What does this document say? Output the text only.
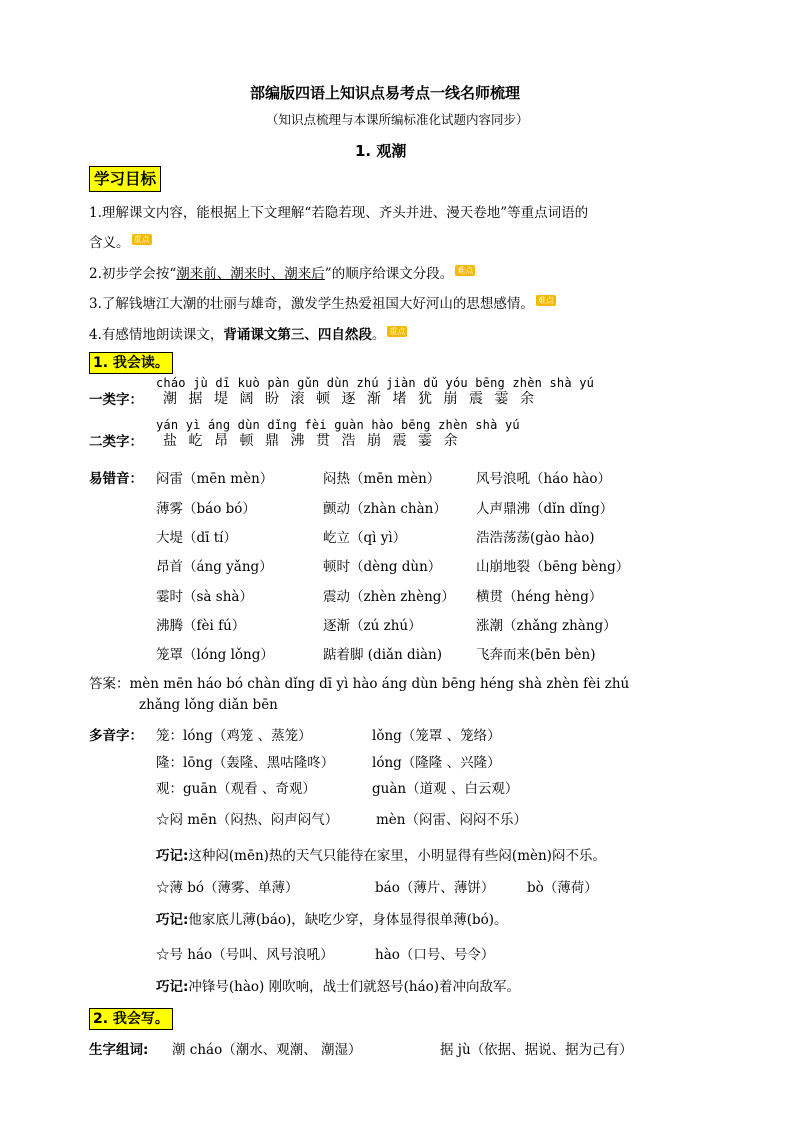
部编版四语上知识点易考点一线名师梳理
（知识点梳理与本课所编标准化试题内容同步）
1. 观潮
学习目标
1.理解课文内容，能根据上下文理解“若隐若现、齐头并进、漫天卷地”等重点词语的
含义。 重点
2.初步学会按“潮来前、潮来时、潮来后”的顺序给课文分段。 难点
3.了解钱塘江大潮的壮丽与雄奇，激发学生热爱祖国大好河山的思想感情。 难点
4.有感情地朗读课文，背诵课文第三、四自然段。 重点
1. 我会读。
cháo jù dī kuò pàn gǔn dùn zhú jiàn dǔ yóu bēng zhèn shà yú
一类字： 潮据堤阔盼滚顿逐渐堵犹崩震霎余
yán yì áng dùn dǐng fèi guàn hào bēng zhèn shà yú
二类字： 盐屹昂顿鼎沸贯浩崩震霎余
易错音： 闷雷（mēn mèn）	闷热（mēn mèn）	风号浪吼（háo hào）
薄雾（báo bó）	颤动（zhàn chàn） 人声鼎沸（dǐn dǐng）
大堤（dī tí）	屹立（qì yì）	浩浩荡荡(gào hào)
昂首（áng yǎng）	顿时（dèng dùn）	山崩地裂（bēng bèng）
霎时（sà shà）	震动（zhèn zhèng） 横贯（héng hèng）
沸腾（fèi fú）	逐渐（zú zhú）	涨潮（zhǎng zhàng）
笼罩（lóng lǒng）	踮着脚 (diǎn diàn)	飞奔而来(bēn bèn)
答案：mèn mēn háo bó chàn dǐng dī yì hào áng dùn bēng héng shà zhèn fèi zhú
zhǎng lǒng diǎn bēn
多音字： 笼：lóng（鸡笼 、蒸笼）	lǒng（笼罩 、笼络）
隆：lōng（轰隆、黑咕隆咚）	lóng（隆隆 、兴隆）
观：guān（观看 、奇观）	guàn（道观 、白云观）
☆闷 mēn（闷热、闷声闷气）	mèn（闷雷、闷闷不乐）
巧记:这种闷(mēn)热的天气只能待在家里，小明显得有些闷(mèn)闷不乐。
☆薄 bó（薄雾、单薄）	báo（薄片、薄饼） bò（薄荷）
巧记:他家底儿薄(báo)，缺吃少穿，身体显得很单薄(bó)。
☆号 háo（号叫、风号浪吼）	hào（口号、号令）
巧记:冲锋号(hào) 刚吹响，战士们就怒号(háo)着冲向敌军。
2. 我会写。
生字组词: 潮 cháo（潮水、观潮、 潮湿）	据 jù（依据、据说、据为己有）
